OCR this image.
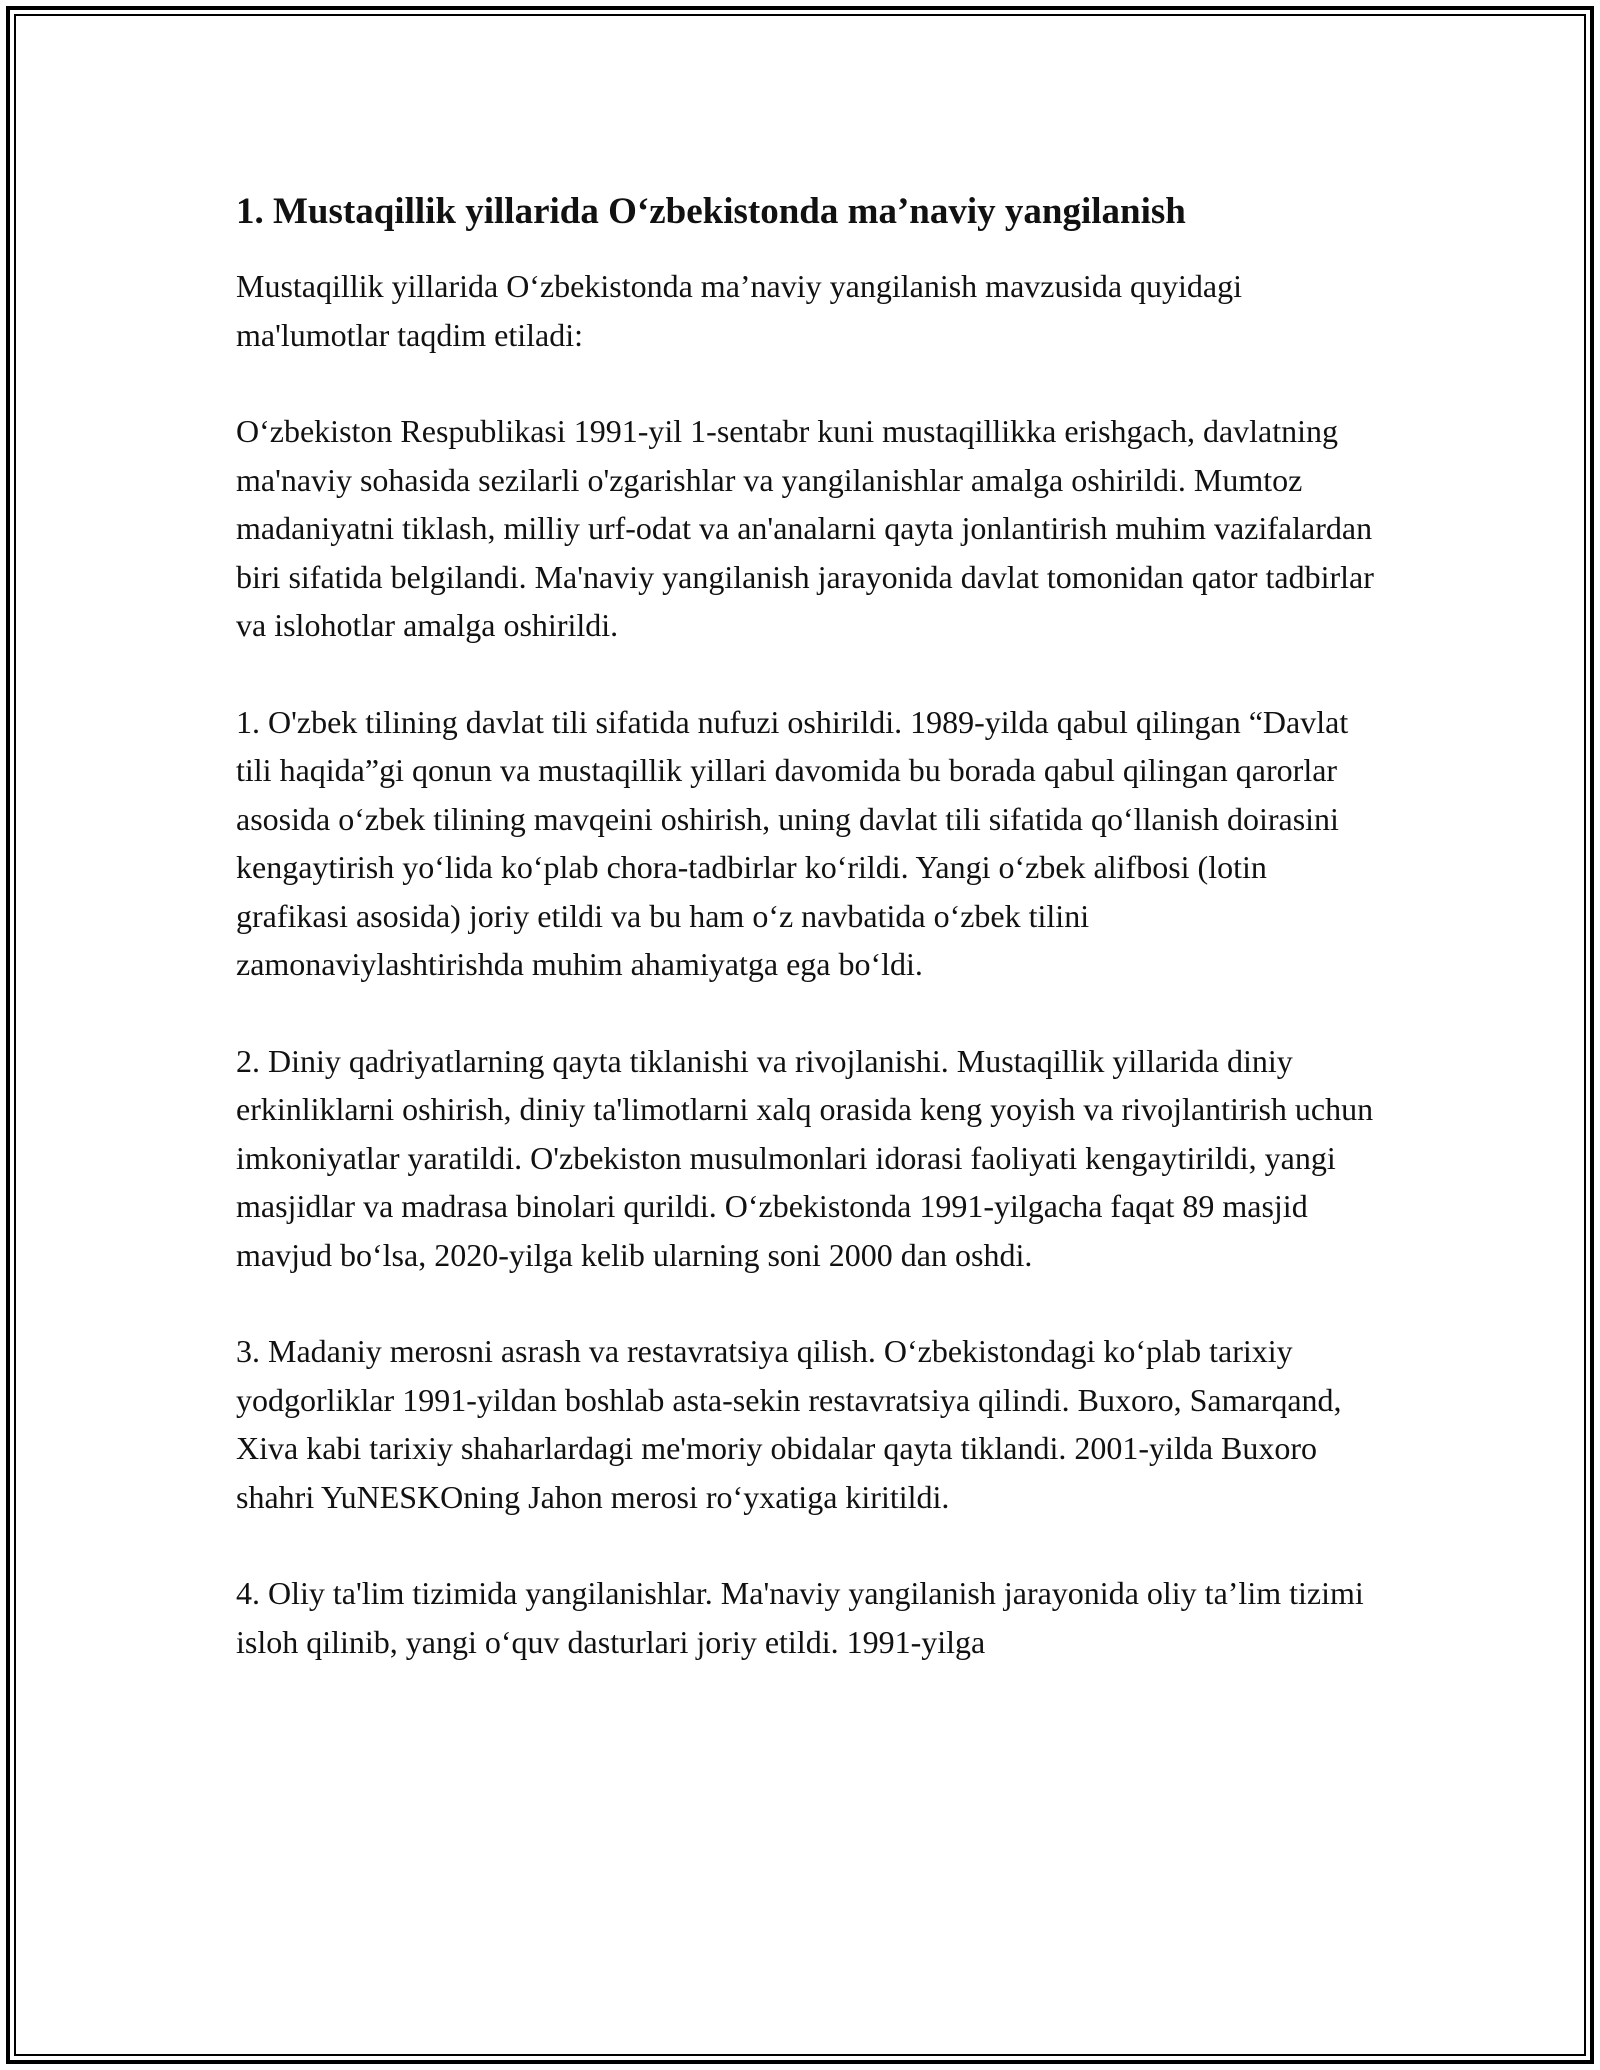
1. Mustaqillik yillarida O‘zbekistonda ma’naviy yangilanish

Mustaqillik yillarida O‘zbekistonda ma’naviy yangilanish mavzusida quyidagi ma'lumotlar taqdim etiladi:

O‘zbekiston Respublikasi 1991-yil 1-sentabr kuni mustaqillikka erishgach, davlatning ma'naviy sohasida sezilarli o'zgarishlar va yangilanishlar amalga oshirildi. Mumtoz madaniyatni tiklash, milliy urf-odat va an'analarni qayta jonlantirish muhim vazifalardan biri sifatida belgilandi. Ma'naviy yangilanish jarayonida davlat tomonidan qator tadbirlar va islohotlar amalga oshirildi.

1. O'zbek tilining davlat tili sifatida nufuzi oshirildi. 1989-yilda qabul qilingan “Davlat tili haqida”gi qonun va mustaqillik yillari davomida bu borada qabul qilingan qarorlar asosida o‘zbek tilining mavqeini oshirish, uning davlat tili sifatida qo‘llanish doirasini kengaytirish yo‘lida ko‘plab chora-tadbirlar ko‘rildi. Yangi o‘zbek alifbosi (lotin grafikasi asosida) joriy etildi va bu ham o‘z navbatida o‘zbek tilini zamonaviylashtirishda muhim ahamiyatga ega bo‘ldi.

2. Diniy qadriyatlarning qayta tiklanishi va rivojlanishi. Mustaqillik yillarida diniy erkinliklarni oshirish, diniy ta'limotlarni xalq orasida keng yoyish va rivojlantirish uchun imkoniyatlar yaratildi. O'zbekiston musulmonlari idorasi faoliyati kengaytirildi, yangi masjidlar va madrasa binolari qurildi. O‘zbekistonda 1991-yilgacha faqat 89 masjid mavjud bo‘lsa, 2020-yilga kelib ularning soni 2000 dan oshdi.

3. Madaniy merosni asrash va restavratsiya qilish. O‘zbekistondagi ko‘plab tarixiy yodgorliklar 1991-yildan boshlab asta-sekin restavratsiya qilindi. Buxoro, Samarqand, Xiva kabi tarixiy shaharlardagi me'moriy obidalar qayta tiklandi. 2001-yilda Buxoro shahri YuNESKOning Jahon merosi ro‘yxatiga kiritildi.

4. Oliy ta'lim tizimida yangilanishlar. Ma'naviy yangilanish jarayonida oliy ta’lim tizimi isloh qilinib, yangi o‘quv dasturlari joriy etildi. 1991-yilga
